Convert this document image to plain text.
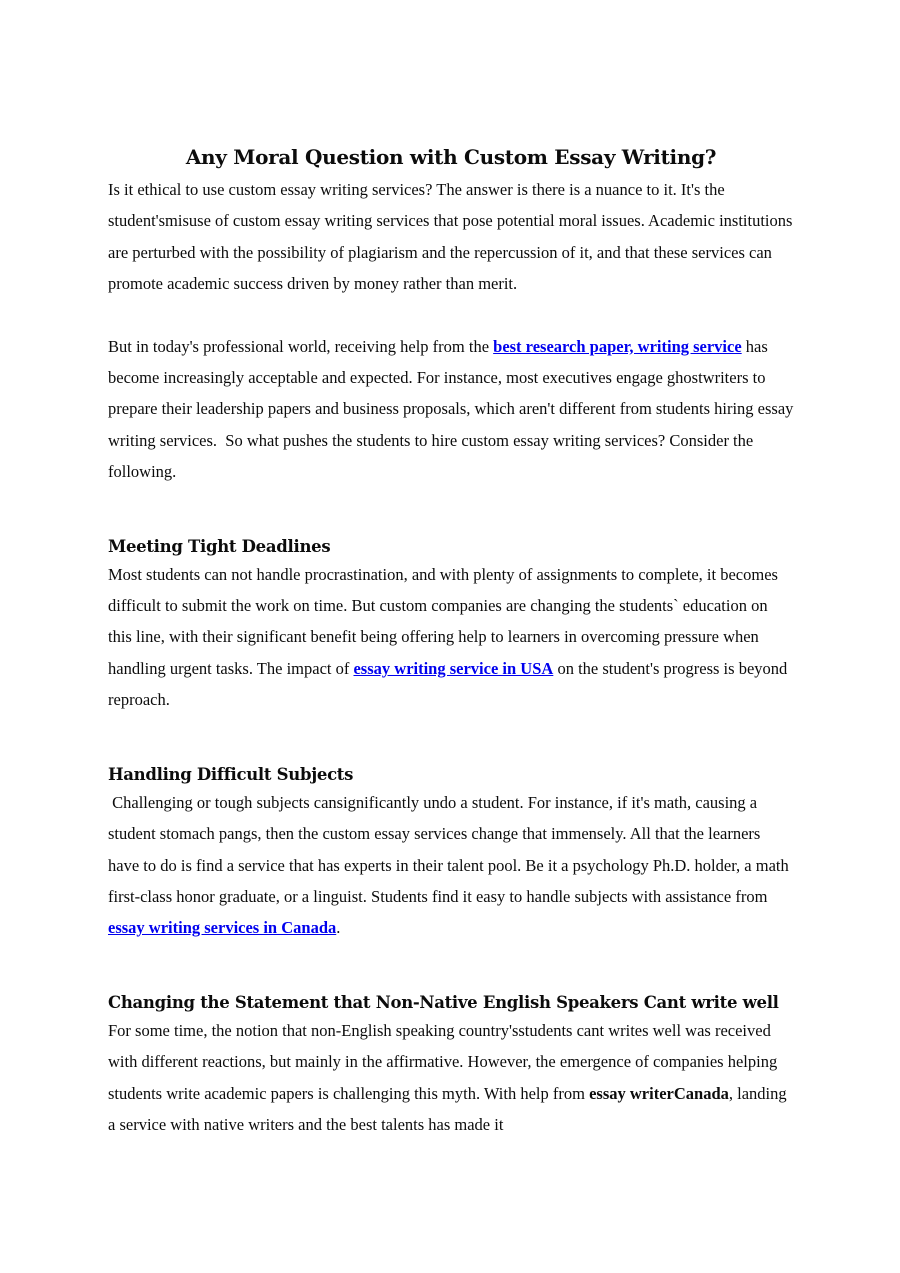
Any Moral Question with Custom Essay Writing?

Is it ethical to use custom essay writing services? The answer is there is a nuance to it. It's the student'smisuse of custom essay writing services that pose potential moral issues. Academic institutions are perturbed with the possibility of plagiarism and the repercussion of it, and that these services can promote academic success driven by money rather than merit.

But in today's professional world, receiving help from the best research paper, writing service has become increasingly acceptable and expected. For instance, most executives engage ghostwriters to prepare their leadership papers and business proposals, which aren't different from students hiring essay writing services.  So what pushes the students to hire custom essay writing services? Consider the following.

Meeting Tight Deadlines

Most students can not handle procrastination, and with plenty of assignments to complete, it becomes difficult to submit the work on time. But custom companies are changing the students` education on this line, with their significant benefit being offering help to learners in overcoming pressure when handling urgent tasks. The impact of essay writing service in USA on the student's progress is beyond reproach.

Handling Difficult Subjects

Challenging or tough subjects cansignificantly undo a student. For instance, if it's math, causing a student stomach pangs, then the custom essay services change that immensely. All that the learners have to do is find a service that has experts in their talent pool. Be it a psychology Ph.D. holder, a math first-class honor graduate, or a linguist. Students find it easy to handle subjects with assistance from essay writing services in Canada.

Changing the Statement that Non-Native English Speakers Cant write well

For some time, the notion that non-English speaking country'sstudents cant writes well was received with different reactions, but mainly in the affirmative. However, the emergence of companies helping students write academic papers is challenging this myth. With help from essay writerCanada, landing a service with native writers and the best talents has made it
